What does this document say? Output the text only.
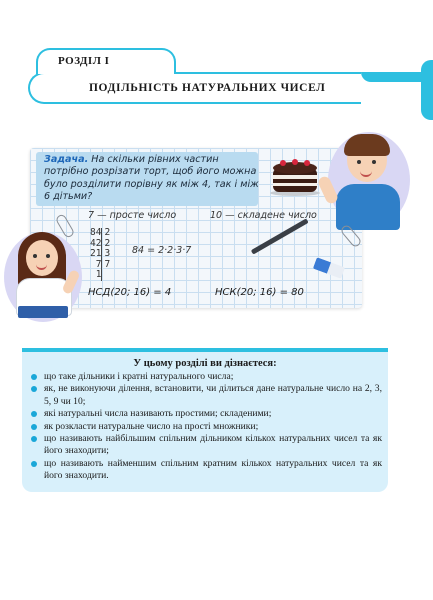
РОЗДІЛ І
ПОДІЛЬНІСТЬ НАТУРАЛЬНИХ ЧИСЕЛ
Задача. На скільки рівних частин потрібно розрізати торт, щоб його можна було розділити порівну як між 4, так і між 6 дітьми?
7 — просте число	10 — складене число
84
42
21
7
1
2
2
3
7

84 = 2·2·3·7
НСД(20; 16) = 4	НСК(20; 16) = 80
У цьому розділі ви дізнаєтеся:
що таке дільники і кратні натурального числа;
як, не виконуючи ділення, встановити, чи ділиться дане натуральне число на 2, 3, 5, 9 чи 10;
які натуральні числа називають простими; складеними;
як розкласти натуральне число на прості множники;
що називають найбільшим спільним дільником кількох натуральних чисел та як його знаходити;
що називають найменшим спільним кратним кількох натуральних чисел та як його знаходити.
